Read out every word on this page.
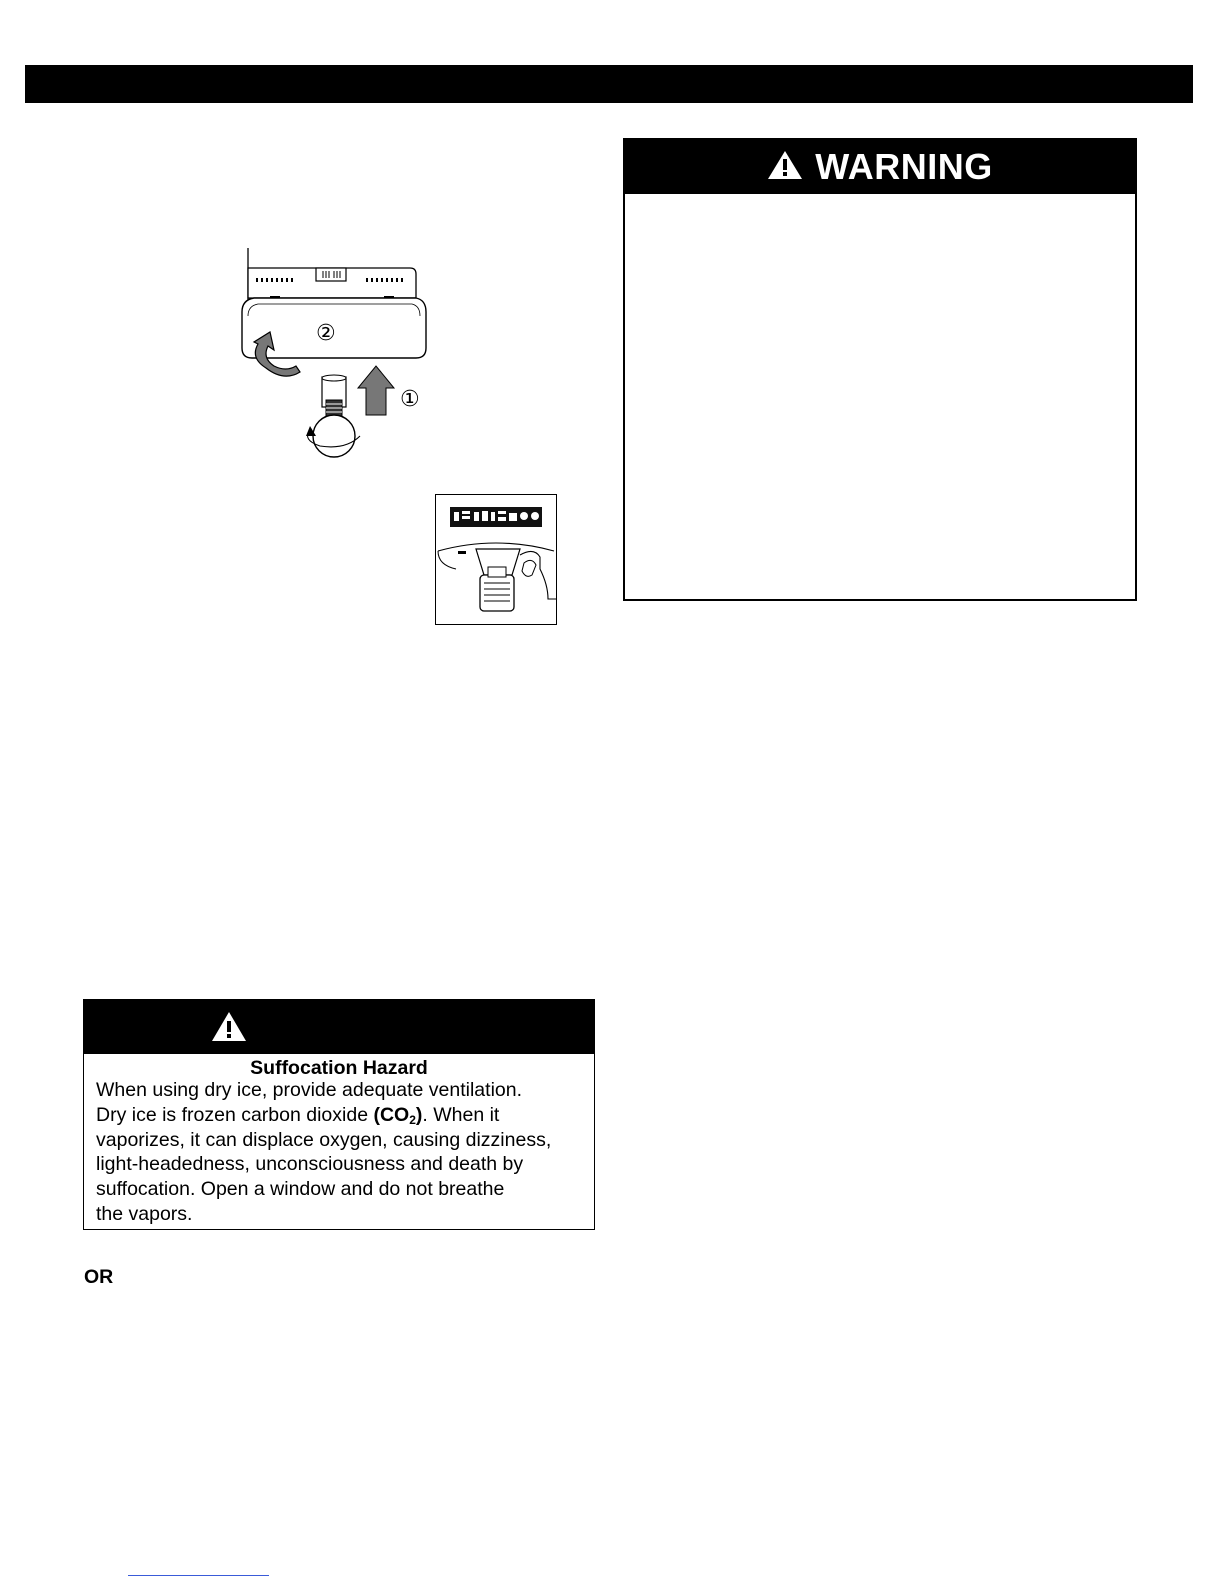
②
①
WARNING
Suffocation Hazard

When using dry ice, provide adequate ventilation.

Dry ice is frozen carbon dioxide $(CO_2)$. When it

vaporizes, it can displace oxygen, causing dizziness,

light-headedness, unconsciousness and death by

suffocation. Open a window and do not breathe

the vapors.

OR
